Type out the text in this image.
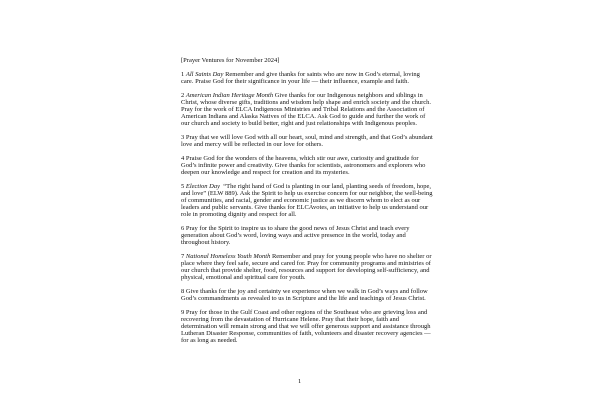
[Prayer Ventures for November 2024]

1 All Saints Day Remember and give thanks for saints who are now in God’s eternal, loving
care. Praise God for their significance in your life — their influence, example and faith.

2 American Indian Heritage Month Give thanks for our Indigenous neighbors and siblings in
Christ, whose diverse gifts, traditions and wisdom help shape and enrich society and the church.
Pray for the work of ELCA Indigenous Ministries and Tribal Relations and the Association of
American Indians and Alaska Natives of the ELCA. Ask God to guide and further the work of
our church and society to build better, right and just relationships with Indigenous peoples.

3 Pray that we will love God with all our heart, soul, mind and strength, and that God’s abundant
love and mercy will be reflected in our love for others.

4 Praise God for the wonders of the heavens, which stir our awe, curiosity and gratitude for
God’s infinite power and creativity. Give thanks for scientists, astronomers and explorers who
deepen our knowledge and respect for creation and its mysteries.

5 Election Day  “The right hand of God is planting in our land, planting seeds of freedom, hope,
and love” (ELW 889). Ask the Spirit to help us exercise concern for our neighbor, the well-being
of communities, and racial, gender and economic justice as we discern whom to elect as our
leaders and public servants. Give thanks for ELCAvotes, an initiative to help us understand our
role in promoting dignity and respect for all.

6 Pray for the Spirit to inspire us to share the good news of Jesus Christ and teach every
generation about God’s word, loving ways and active presence in the world, today and
throughout history.

7 National Homeless Youth Month Remember and pray for young people who have no shelter or
place where they feel safe, secure and cared for. Pray for community programs and ministries of
our church that provide shelter, food, resources and support for developing self-sufficiency, and
physical, emotional and spiritual care for youth.

8 Give thanks for the joy and certainty we experience when we walk in God’s ways and follow
God’s commandments as revealed to us in Scripture and the life and teachings of Jesus Christ.

9 Pray for those in the Gulf Coast and other regions of the Southeast who are grieving loss and
recovering from the devastation of Hurricane Helene. Pray that their hope, faith and
determination will remain strong and that we will offer generous support and assistance through
Lutheran Disaster Response, communities of faith, volunteers and disaster recovery agencies —
for as long as needed.

1
